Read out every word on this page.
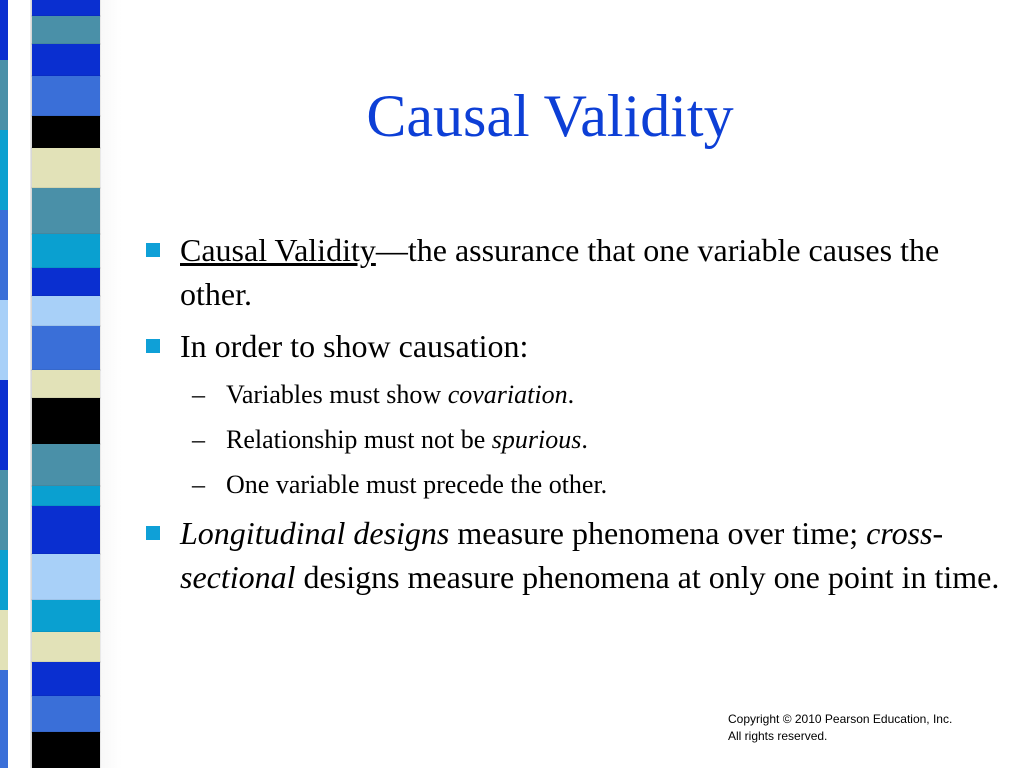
Causal Validity
Causal Validity—the assurance that one variable causes the other.
In order to show causation:
– Variables must show covariation.
– Relationship must not be spurious.
– One variable must precede the other.
Longitudinal designs measure phenomena over time; cross-sectional designs measure phenomena at only one point in time.
Copyright © 2010 Pearson Education, Inc.
All rights reserved.
